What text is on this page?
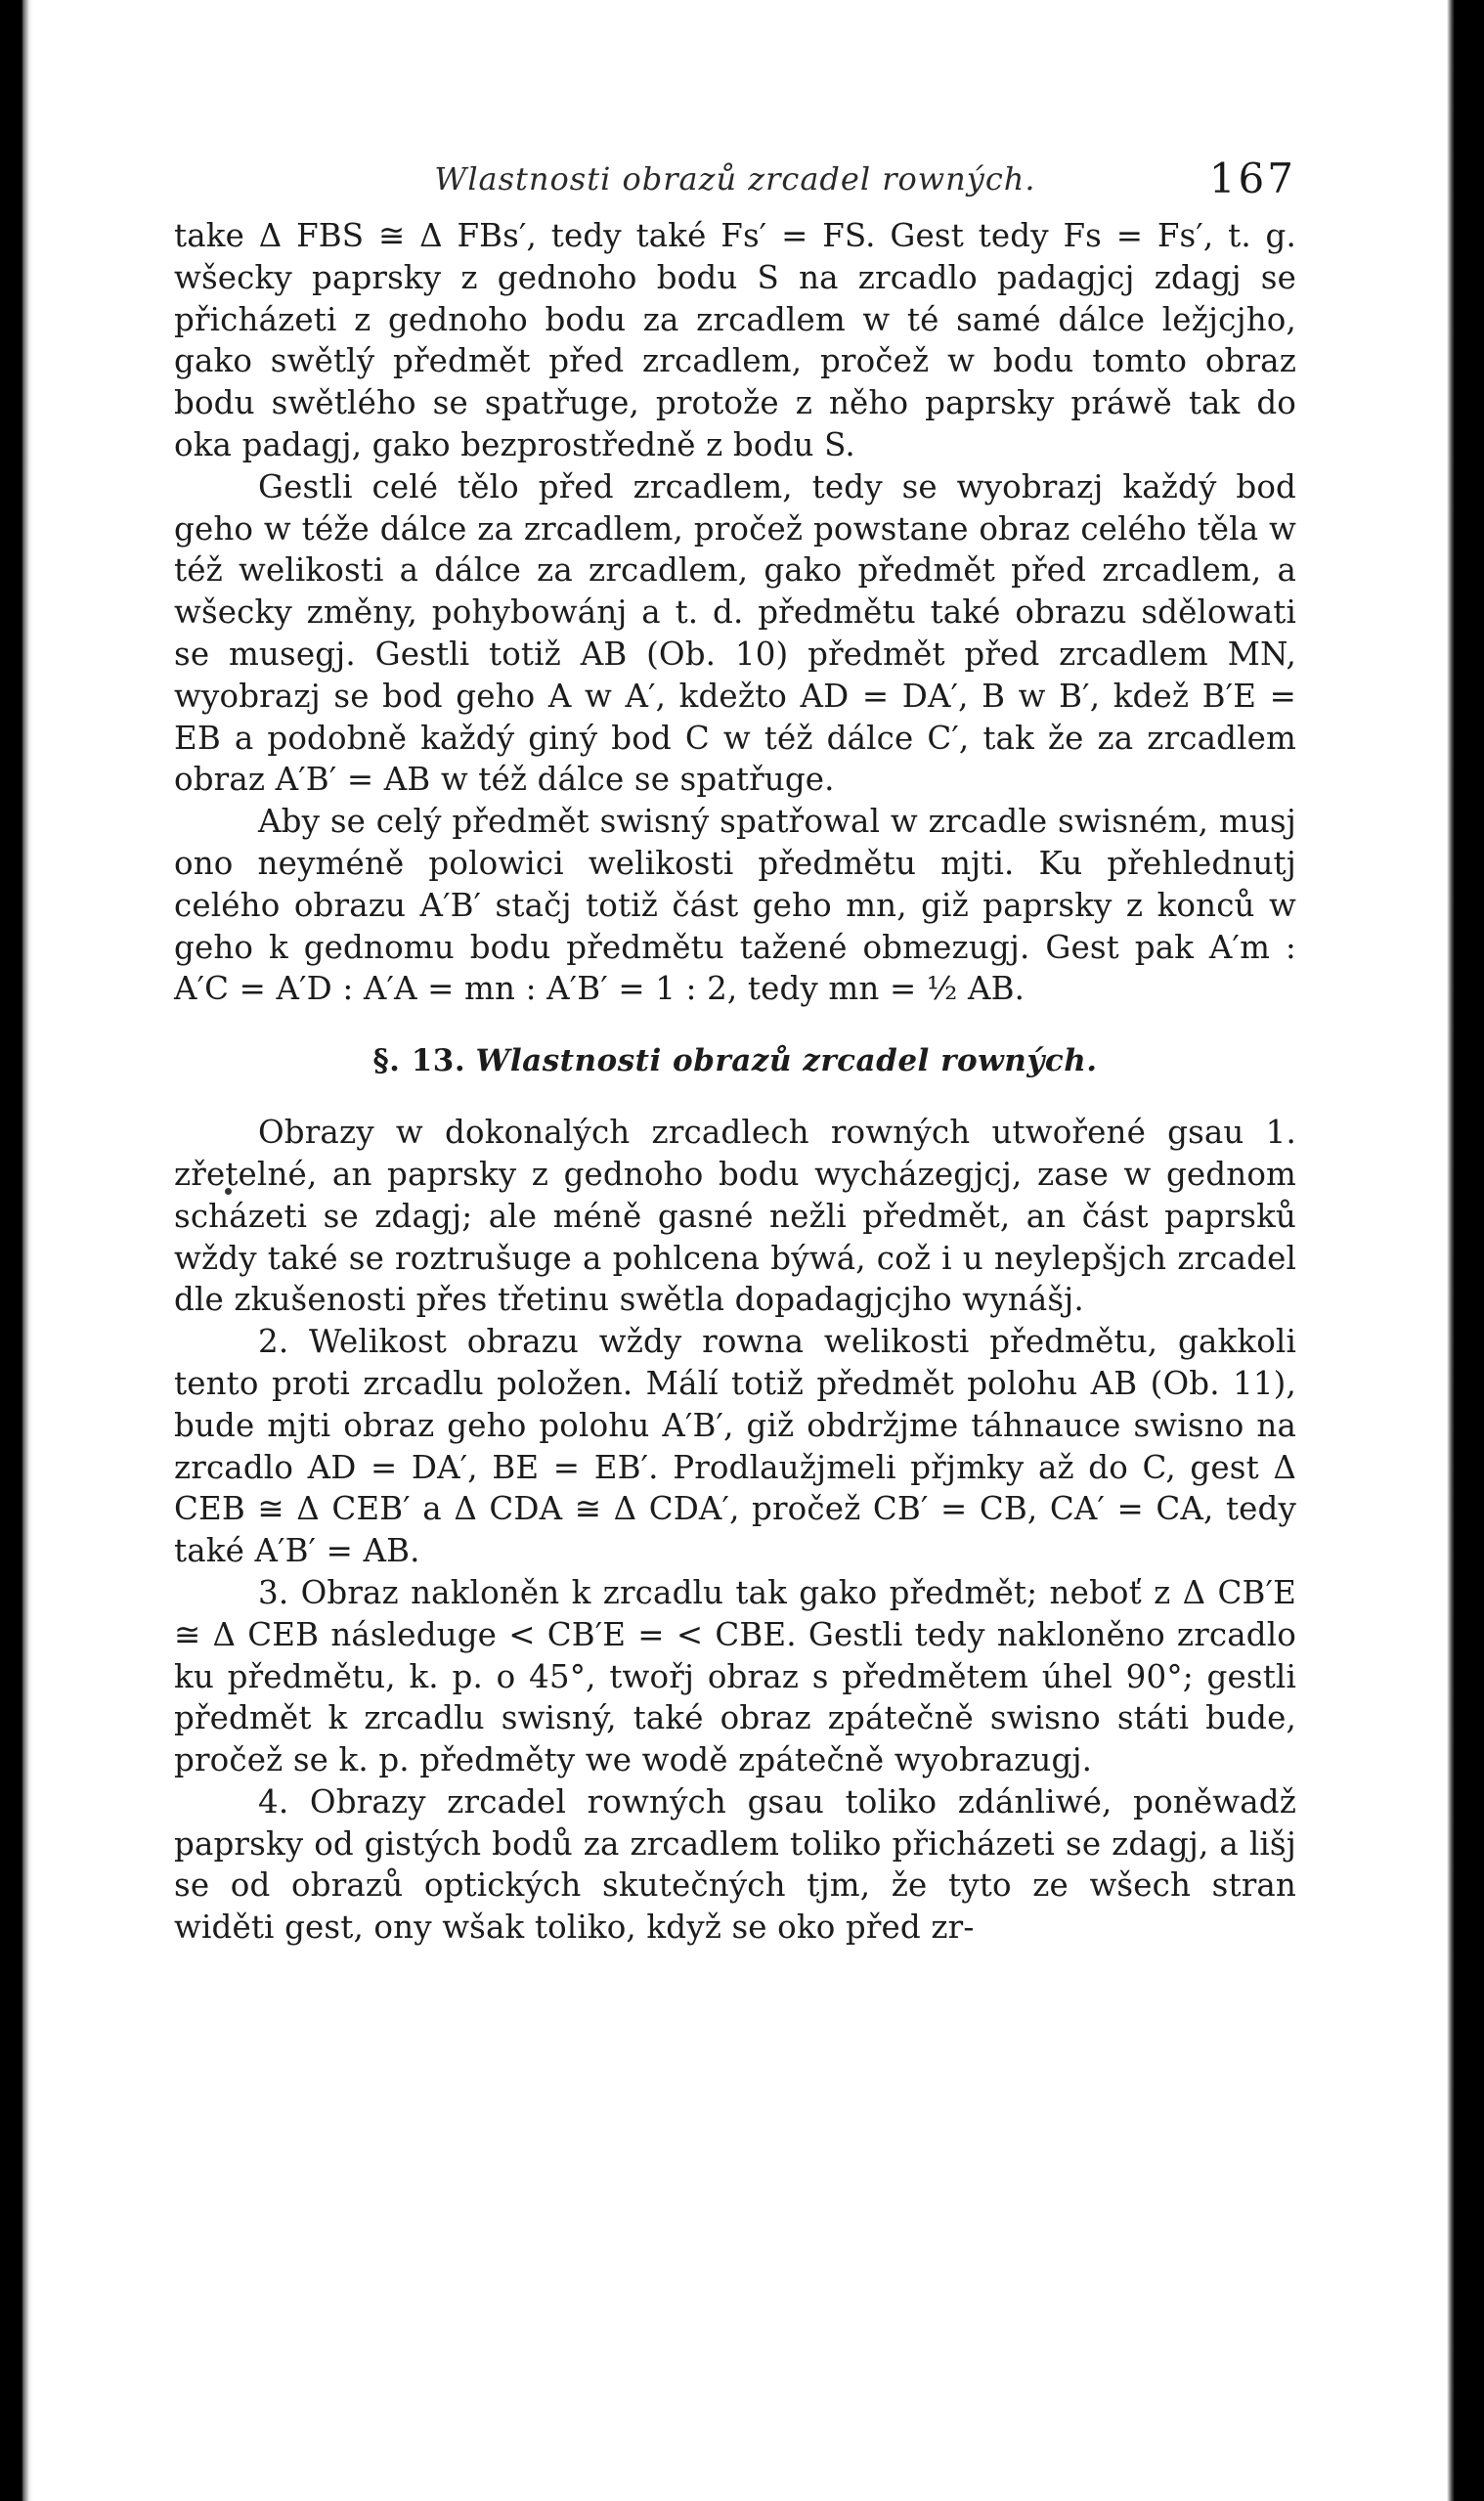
Wlastnosti obrazů zrcadel rowných.	167

take Δ FBS ≅ Δ FBs′, tedy také Fs′ = FS. Gest tedy Fs = Fs′, t. g. wšecky paprsky z gednoho bodu S na zrcadlo padagjcj zdagj se přicházeti z gednoho bodu za zrcadlem w té samé dálce ležjcjho, gako swětlý předmět před zrcadlem, pročež w bodu tomto obraz bodu swětlého se spatřuge, protože z něho paprsky práwě tak do oka padagj, gako bezprostředně z bodu S.

Gestli celé tělo před zrcadlem, tedy se wyobrazj každý bod geho w téže dálce za zrcadlem, pročež powstane obraz celého těla w též welikosti a dálce za zrcadlem, gako předmět před zrcadlem, a wšecky změny, pohybowánj a t. d. předmětu také obrazu sdělowati se musegj. Gestli totiž AB (Ob. 10) předmět před zrcadlem MN, wyobrazj se bod geho A w A′, kdežto AD = DA′, B w B′, kdež B′E = EB a podobně každý giný bod C w též dálce C′, tak že za zrcadlem obraz A′B′ = AB w též dálce se spatřuge.

Aby se celý předmět swisný spatřowal w zrcadle swisném, musj ono neyméně polowici welikosti předmětu mjti. Ku přehlednutj celého obrazu A′B′ stačj totiž část geho mn, giž paprsky z konců w geho k gednomu bodu předmětu tažené obmezugj. Gest pak A′m : A′C = A′D : A′A = mn : A′B′ = 1 : 2, tedy mn = ½ AB.

§. 13. Wlastnosti obrazů zrcadel rowných.

Obrazy w dokonalých zrcadlech rowných utwořené gsau 1. zřetelné, an paprsky z gednoho bodu wycházegjcj, zase w gednom scházeti se zdagj; ale méně gasné nežli předmět, an část paprsků wždy také se roztrušuge a pohlcena býwá, což i u neylepšjch zrcadel dle zkušenosti přes třetinu swětla dopadagjcjho wynášj.

2. Welikost obrazu wždy rowna welikosti předmětu, gakkoli tento proti zrcadlu položen. Málí totiž předmět polohu AB (Ob. 11), bude mjti obraz geho polohu A′B′, giž obdržjme táhnauce swisno na zrcadlo AD = DA′, BE = EB′. Prodlaužjmeli přjmky až do C, gest Δ CEB ≅ Δ CEB′ a Δ CDA ≅ Δ CDA′, pročež CB′ = CB, CA′ = CA, tedy také A′B′ = AB.

3. Obraz nakloněn k zrcadlu tak gako předmět; neboť z Δ CB′E ≅ Δ CEB následuge < CB′E = < CBE. Gestli tedy nakloněno zrcadlo ku předmětu, k. p. o 45°, twořj obraz s předmětem úhel 90°; gestli předmět k zrcadlu swisný, také obraz zpátečně swisno státi bude, pročež se k. p. předměty we wodě zpátečně wyobrazugj.

4. Obrazy zrcadel rowných gsau toliko zdánliwé, poněwadž paprsky od gistých bodů za zrcadlem toliko přicházeti se zdagj, a lišj se od obrazů optických skutečných tjm, že tyto ze wšech stran widěti gest, ony wšak toliko, když se oko před zr-
